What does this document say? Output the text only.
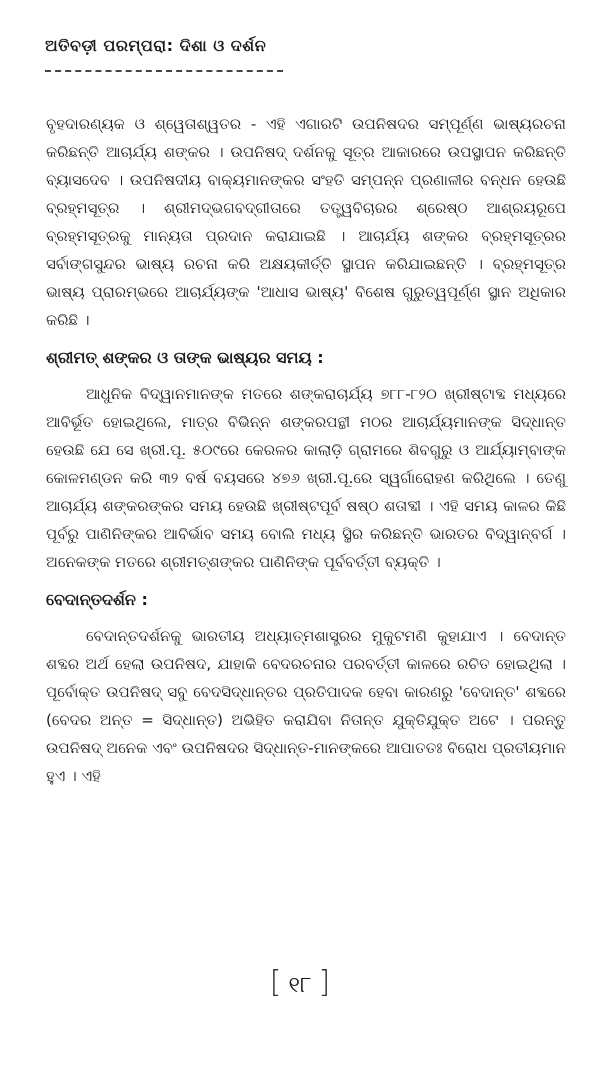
ଅତିବଡ଼ୀ ପରମ୍ପରା: ଦିଶା ଓ ଦର୍ଶନ

ବୃହଦାରଣ୍ୟକ ଓ ଶ୍ୱେତାଶ୍ୱତର - ଏହି ଏଗାରଟି ଉପନିଷଦର ସମ୍ପୂର୍ଣ୍ଣ ଭାଷ୍ୟରଚନା କରିଛନ୍ତି ଆଚାର୍ଯ୍ୟ ଶଙ୍କର । ଉପନିଷଦ୍ ଦର୍ଶନକୁ ସୂତ୍ର ଆକାରରେ ଉପସ୍ଥାପନ କରିଛନ୍ତି ବ୍ୟାସଦେବ । ଉପନିଷଦୀୟ ବାକ୍ୟମାନଙ୍କର ସଂହତି ସମ୍ପନ୍ନ ପ୍ରଣାଳୀର ବନ୍ଧନ ହେଉଛି ବ୍ରହ୍ମସୂତ୍ର । ଶ୍ରୀମଦ୍ଭଗବଦ୍ଗୀତାରେ ତତ୍ତ୍ୱବିଚାରର ଶ୍ରେଷ୍ଠ ଆଶ୍ରୟରୂପେ ବ୍ରହ୍ମସୂତ୍ରକୁ ମାନ୍ୟତା ପ୍ରଦାନ କରାଯାଇଛି । ଆଚାର୍ଯ୍ୟ ଶଙ୍କର ବ୍ରହ୍ମସୂତ୍ରର ସର୍ବାଙ୍ଗସୁନ୍ଦର ଭାଷ୍ୟ ରଚନା କରି ଅକ୍ଷୟକୀର୍ତ୍ତି ସ୍ଥାପନ କରିଯାଇଛନ୍ତି । ବ୍ରହ୍ମସୂତ୍ର ଭାଷ୍ୟ ପ୍ରାରମ୍ଭରେ ଆଚାର୍ଯ୍ୟଙ୍କ 'ଆଧାସ ଭାଷ୍ୟ' ବିଶେଷ ଗୁରୁତ୍ୱପୂର୍ଣ୍ଣ ସ୍ଥାନ ଅଧିକାର କରିଛି ।

ଶ୍ରୀମତ୍ ଶଙ୍କର ଓ ତାଙ୍କ ଭାଷ୍ୟର ସମୟ :

ଆଧୁନିକ ବିଦ୍ୱାନମାନଙ୍କ ମତରେ ଶଙ୍କରାଚାର୍ଯ୍ୟ ୭୮୮-୮୨୦ ଖ୍ରୀଷ୍ଟାବ୍ଦ ମଧ୍ୟରେ ଆବିର୍ଭୂତ ହୋଇଥିଲେ, ମାତ୍ର ବିଭିନ୍ନ ଶଙ୍କରପନ୍ଥୀ ମଠର ଆଚାର୍ଯ୍ୟମାନଙ୍କ ସିଦ୍ଧାନ୍ତ ହେଉଛି ଯେ ସେ ଖ୍ରୀ.ପୂ. ୫୦୯ରେ କେରଳର କାଲାଡ଼ି ଗ୍ରାମରେ ଶିବଗୁରୁ ଓ ଆର୍ଯ୍ୟାମ୍ବାଙ୍କ କୋଳମଣ୍ଡନ କରି ୩୨ ବର୍ଷ ବୟସରେ ୪୭୬ ଖ୍ରୀ.ପୂ.ରେ ସ୍ୱର୍ଗାରୋହଣ କରିଥିଲେ । ତେଣୁ ଆଚାର୍ଯ୍ୟ ଶଙ୍କରଙ୍କର ସମୟ ହେଉଛି ଖ୍ରୀଷ୍ଟପୂର୍ବ ଷଷ୍ଠ ଶତାବ୍ଦୀ । ଏହି ସମୟ କାଳର କିଛି ପୂର୍ବରୁ ପାଣିନିଙ୍କର ଆବିର୍ଭାବ ସମୟ ବୋଲି ମଧ୍ୟ ସ୍ଥିର କରିଛନ୍ତି ଭାରତର ବିଦ୍ୱାନ୍‌ବର୍ଗ । ଅନେକଙ୍କ ମତରେ ଶ୍ରୀମତ୍‌ଶଙ୍କର ପାଣିନିଙ୍କ ପୂର୍ବବର୍ତ୍ତୀ ବ୍ୟକ୍ତି ।

ବେଦାନ୍ତଦର୍ଶନ :

ବେଦାନ୍ତଦର୍ଶନକୁ ଭାରତୀୟ ଅଧ୍ୟାତ୍ମଶାସ୍ତ୍ରର ମୁକୁଟମଣି କୁହାଯାଏ । ବେଦାନ୍ତ ଶବ୍ଦର ଅର୍ଥ ହେଲା ଉପନିଷଦ, ଯାହାକି ବେଦରଚନାର ପରବର୍ତ୍ତୀ କାଳରେ ରଚିତ ହୋଇଥିଲା । ପୂର୍ବୋକ୍ତ ଉପନିଷଦ୍ ସବୁ ବେଦସିଦ୍ଧାନ୍ତର ପ୍ରତିପାଦକ ହେବା କାରଣରୁ 'ବେଦାନ୍ତ' ଶବ୍ଦରେ (ବେଦର ଅନ୍ତ = ସିଦ୍ଧାନ୍ତ) ଅଭିହିତ କରାଯିବା ନିତାନ୍ତ ଯୁକ୍ତିଯୁକ୍ତ ଅଟେ । ପରନ୍ତୁ ଉପନିଷଦ୍ ଅନେକ ଏବଂ ଉପନିଷଦର ସିଦ୍ଧାନ୍ତ-ମାନଙ୍କରେ ଆପାତତଃ ବିରୋଧ ପ୍ରତୀୟମାନ ହୁଏ । ଏହି

[ ୧୮ ]
